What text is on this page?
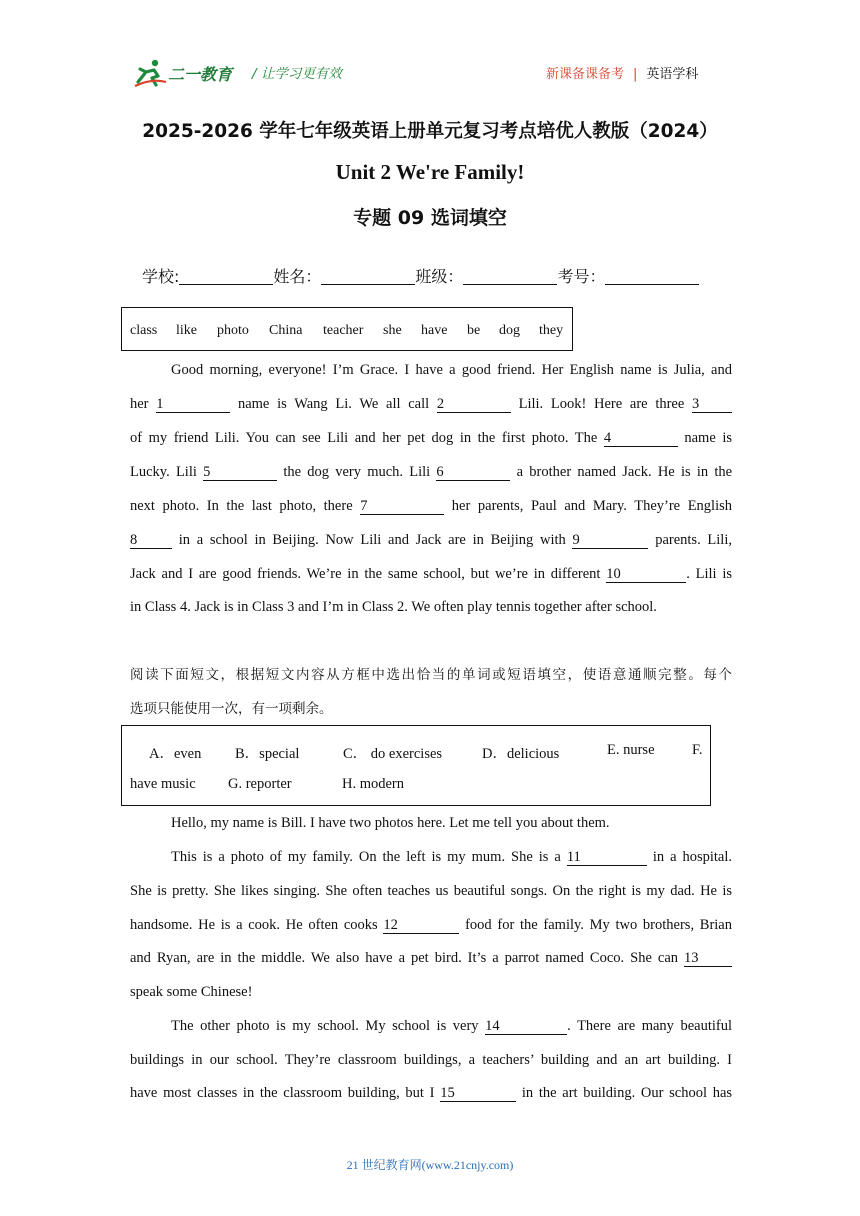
二一教育 / 让学习更有效	新课备课备考 | 英语学科
2025-2026 学年七年级英语上册单元复习考点培优人教版（2024）
Unit 2 We're Family!
专题 09 选词填空
学校:	姓名：	班级：	考号：
class like photo China teacher she have be dog they
Good morning, everyone! I’m Grace. I have a good friend. Her English name is Julia, and
her 1	name is Wang Li. We all call 2	Lili. Look! Here are three 3
of my friend Lili. You can see Lili and her pet dog in the first photo. The 4	name is
Lucky. Lili 5	the dog very much. Lili 6	a brother named Jack. He is in the
next photo. In the last photo, there 7	her parents, Paul and Mary. They’re English
8	in a school in Beijing. Now Lili and Jack are in Beijing with 9	parents. Lili,
Jack and I are good friends. We’re in the same school, but we’re in different 10	. Lili is
in Class 4. Jack is in Class 3 and I’m in Class 2. We often play tennis together after school.
阅读下面短文，根据短文内容从方框中选出恰当的单词或短语填空，使语意通顺完整。每个
选项只能使用一次，有一项剩余。
A．even B．special	C． do exercises	D．delicious	E. nurse	F.
have music G. reporter	H. modern
Hello, my name is Bill. I have two photos here. Let me tell you about them.
This is a photo of my family. On the left is my mum. She is a 11	in a hospital.
She is pretty. She likes singing. She often teaches us beautiful songs. On the right is my dad. He is
handsome. He is a cook. He often cooks 12	food for the family. My two brothers, Brian
and Ryan, are in the middle. We also have a pet bird. It’s a parrot named Coco. She can 13
speak some Chinese!
The other photo is my school. My school is very 14	. There are many beautiful
buildings in our school. They’re classroom buildings, a teachers’ building and an art building. I
have most classes in the classroom building, but I 15	in the art building. Our school has
21 世纪教育网(www.21cnjy.com)
